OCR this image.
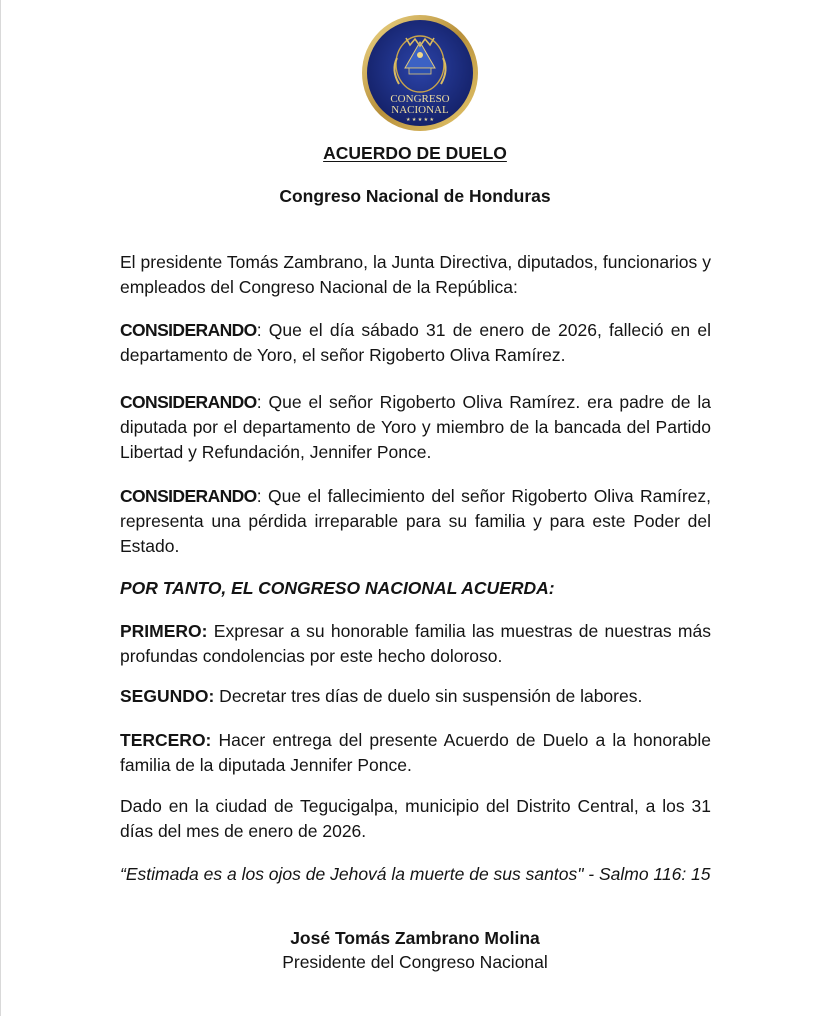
CONGRESO
NACIONAL
★ ★ ★ ★ ★
ACUERDO DE DUELO
Congreso Nacional de Honduras
El presidente Tomás Zambrano, la Junta Directiva, diputados, funcionarios y empleados del Congreso Nacional de la República:
CONSIDERANDO: Que el día sábado 31 de enero de 2026, falleció en el departamento de Yoro, el señor Rigoberto Oliva Ramírez.
CONSIDERANDO: Que el señor Rigoberto Oliva Ramírez. era padre de la diputada por el departamento de Yoro y miembro de la bancada del Partido Libertad y Refundación, Jennifer Ponce.
CONSIDERANDO: Que el fallecimiento del señor Rigoberto Oliva Ramírez, representa una pérdida irreparable para su familia y para este Poder del Estado.
POR TANTO, EL CONGRESO NACIONAL ACUERDA:
PRIMERO: Expresar a su honorable familia las muestras de nuestras más profundas condolencias por este hecho doloroso.
SEGUNDO: Decretar tres días de duelo sin suspensión de labores.
TERCERO: Hacer entrega del presente Acuerdo de Duelo a la honorable familia de la diputada Jennifer Ponce.
Dado en la ciudad de Tegucigalpa, municipio del Distrito Central, a los 31 días del mes de enero de 2026.
“Estimada es a los ojos de Jehová la muerte de sus santos" - Salmo 116: 15
José Tomás Zambrano Molina
Presidente del Congreso Nacional
